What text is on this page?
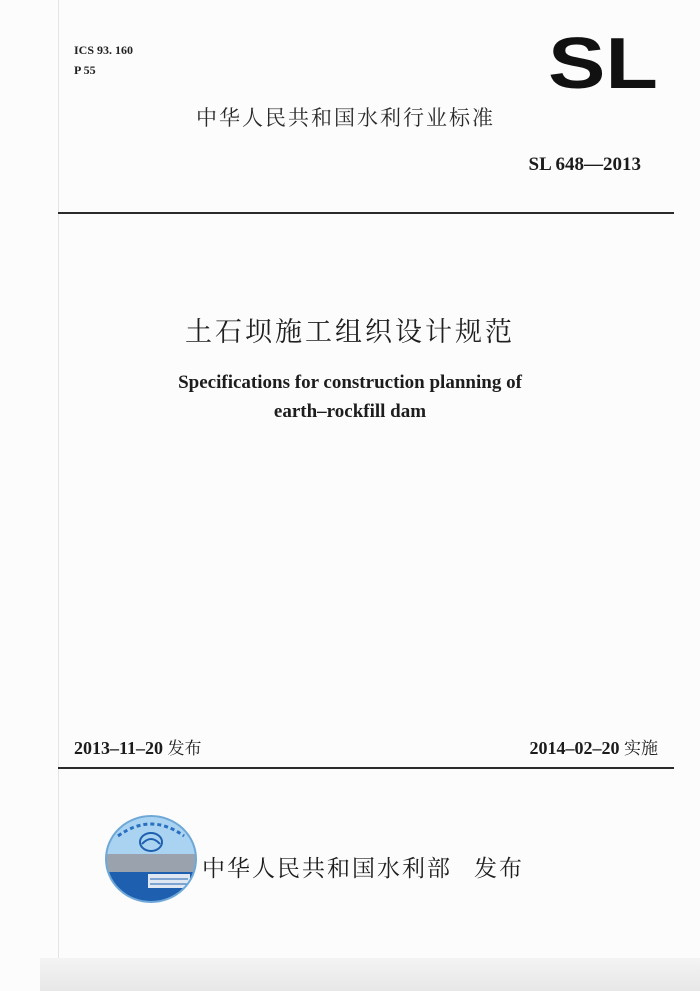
ICS 93. 160
P 55	SL
中华人民共和国水利行业标准
SL 648—2013
土石坝施工组织设计规范
Specifications for construction planning of
earth–rockfill dam
2013–11–20 发布	2014–02–20 实施
中华人民共和国水利部 发布
